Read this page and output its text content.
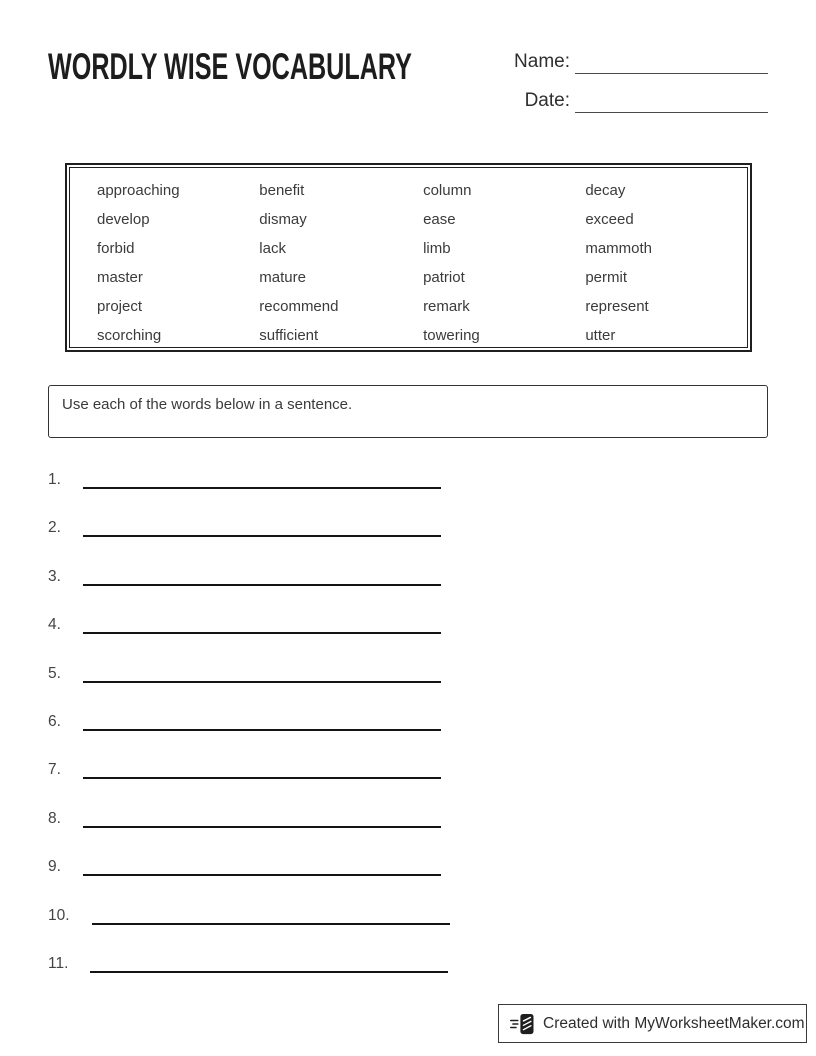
WORDLY WISE VOCABULARY	Name:
Date:
approaching	benefit	column	decay
develop	dismay	ease	exceed
forbid	lack	limb	mammoth
master	mature	patriot	permit
project	recommend	remark	represent
scorching	sufficient	towering	utter
Use each of the words below in a sentence.
1.
2.
3.
4.
5.
6.
7.
8.
9.
10.
11.
Created with MyWorksheetMaker.com
